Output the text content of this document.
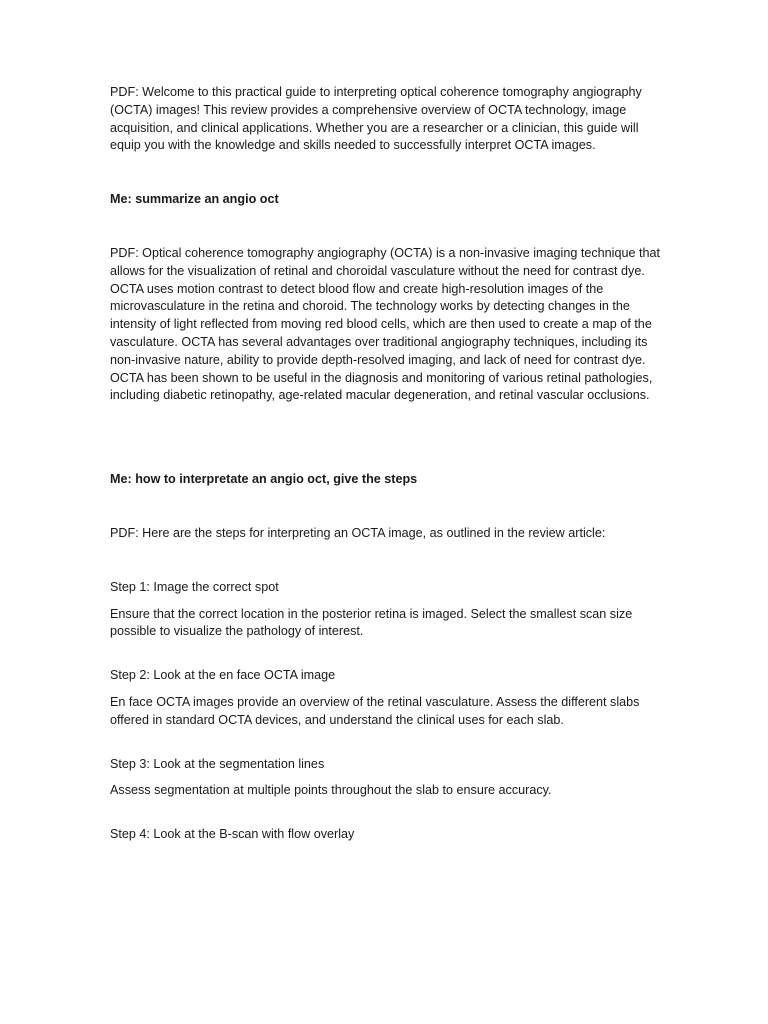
PDF: Welcome to this practical guide to interpreting optical coherence tomography angiography (OCTA) images! This review provides a comprehensive overview of OCTA technology, image acquisition, and clinical applications. Whether you are a researcher or a clinician, this guide will equip you with the knowledge and skills needed to successfully interpret OCTA images.

Me: summarize an angio oct

PDF: Optical coherence tomography angiography (OCTA) is a non-invasive imaging technique that allows for the visualization of retinal and choroidal vasculature without the need for contrast dye. OCTA uses motion contrast to detect blood flow and create high-resolution images of the microvasculature in the retina and choroid. The technology works by detecting changes in the intensity of light reflected from moving red blood cells, which are then used to create a map of the vasculature. OCTA has several advantages over traditional angiography techniques, including its non-invasive nature, ability to provide depth-resolved imaging, and lack of need for contrast dye. OCTA has been shown to be useful in the diagnosis and monitoring of various retinal pathologies, including diabetic retinopathy, age-related macular degeneration, and retinal vascular occlusions.

Me: how to interpretate an angio oct, give the steps

PDF: Here are the steps for interpreting an OCTA image, as outlined in the review article:

Step 1: Image the correct spot

Ensure that the correct location in the posterior retina is imaged. Select the smallest scan size possible to visualize the pathology of interest.

Step 2: Look at the en face OCTA image

En face OCTA images provide an overview of the retinal vasculature. Assess the different slabs offered in standard OCTA devices, and understand the clinical uses for each slab.

Step 3: Look at the segmentation lines

Assess segmentation at multiple points throughout the slab to ensure accuracy.

Step 4: Look at the B-scan with flow overlay
